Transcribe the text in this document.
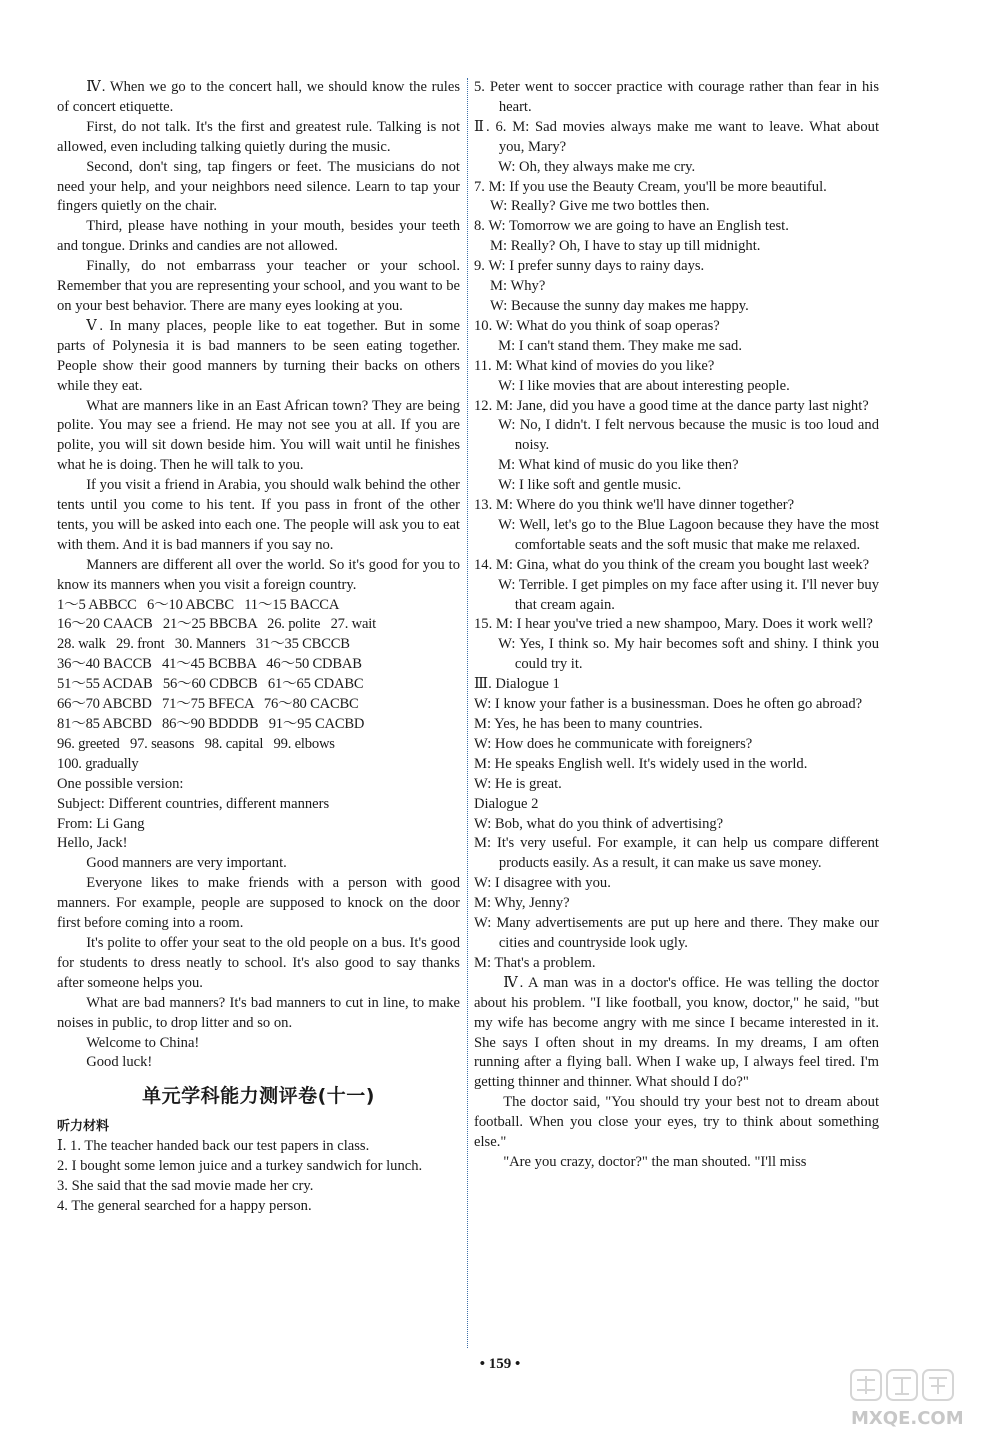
Ⅳ. When we go to the concert hall, we should know the rules of concert etiquette.
First, do not talk. It's the first and greatest rule. Talking is not allowed, even including talking quietly during the music.
Second, don't sing, tap fingers or feet. The musicians do not need your help, and your neighbors need silence. Learn to tap your fingers quietly on the chair.
Third, please have nothing in your mouth, besides your teeth and tongue. Drinks and candies are not allowed.
Finally, do not embarrass your teacher or your school. Remember that you are representing your school, and you want to be on your best behavior. There are many eyes looking at you.
Ⅴ. In many places, people like to eat together. But in some parts of Polynesia it is bad manners to be seen eating together. People show their good manners by turning their backs on others while they eat.
What are manners like in an East African town? They are being polite. You may see a friend. He may not see you at all. If you are polite, you will sit down beside him. You will wait until he finishes what he is doing. Then he will talk to you.
If you visit a friend in Arabia, you should walk behind the other tents until you come to his tent. If you pass in front of the other tents, you will be asked into each one. The people will ask you to eat with them. And it is bad manners if you say no.
Manners are different all over the world. So it's good for you to know its manners when you visit a foreign country.
1～5 ABBCC   6～10 ABCBC   11～15 BACCA
16～20 CAACB   21～25 BBCBA   26. polite   27. wait
28. walk   29. front   30. Manners   31～35 CBCCB
36～40 BACCB   41～45 BCBBA   46～50 CDBAB
51～55 ACDAB   56～60 CDBCB   61～65 CDABC
66～70 ABCBD   71～75 BFECA   76～80 CACBC
81～85 ABCBD   86～90 BDDDB   91～95 CACBD
96. greeted   97. seasons   98. capital   99. elbows
100. gradually
One possible version:
Subject: Different countries, different manners
From: Li Gang
Hello, Jack!
Good manners are very important.
Everyone likes to make friends with a person with good manners. For example, people are supposed to knock on the door first before coming into a room.
It's polite to offer your seat to the old people on a bus. It's good for students to dress neatly to school. It's also good to say thanks after someone helps you.
What are bad manners? It's bad manners to cut in line, to make noises in public, to drop litter and so on.
Welcome to China!
Good luck!
单元学科能力测评卷(十一)
听力材料
Ⅰ. 1. The teacher handed back our test papers in class.
2. I bought some lemon juice and a turkey sandwich for lunch.
3. She said that the sad movie made her cry.
4. The general searched for a happy person.
5. Peter went to soccer practice with courage rather than fear in his heart.
Ⅱ. 6. M: Sad movies always make me want to leave. What about you, Mary?
W: Oh, they always make me cry.
7. M: If you use the Beauty Cream, you'll be more beautiful.
W: Really? Give me two bottles then.
8. W: Tomorrow we are going to have an English test.
M: Really? Oh, I have to stay up till midnight.
9. W: I prefer sunny days to rainy days.
M: Why?
W: Because the sunny day makes me happy.
10. W: What do you think of soap operas?
M: I can't stand them. They make me sad.
11. M: What kind of movies do you like?
W: I like movies that are about interesting people.
12. M: Jane, did you have a good time at the dance party last night?
W: No, I didn't. I felt nervous because the music is too loud and noisy.
M: What kind of music do you like then?
W: I like soft and gentle music.
13. M: Where do you think we'll have dinner together?
W: Well, let's go to the Blue Lagoon because they have the most comfortable seats and the soft music that make me relaxed.
14. M: Gina, what do you think of the cream you bought last week?
W: Terrible. I get pimples on my face after using it. I'll never buy that cream again.
15. M: I hear you've tried a new shampoo, Mary. Does it work well?
W: Yes, I think so. My hair becomes soft and shiny. I think you could try it.
Ⅲ. Dialogue 1
W: I know your father is a businessman. Does he often go abroad?
M: Yes, he has been to many countries.
W: How does he communicate with foreigners?
M: He speaks English well. It's widely used in the world.
W: He is great.
Dialogue 2
W: Bob, what do you think of advertising?
M: It's very useful. For example, it can help us compare different products easily. As a result, it can make us save money.
W: I disagree with you.
M: Why, Jenny?
W: Many advertisements are put up here and there. They make our cities and countryside look ugly.
M: That's a problem.
Ⅳ. A man was in a doctor's office. He was telling the doctor about his problem. "I like football, you know, doctor," he said, "but my wife has become angry with me since I became interested in it. She says I often shout in my dreams. In my dreams, I am often running after a flying ball. When I wake up, I always feel tired. I'm getting thinner and thinner. What should I do?"
The doctor said, "You should try your best not to dream about football. When you close your eyes, try to think about something else."
"Are you crazy, doctor?" the man shouted. "I'll miss
• 159 •
MXQE.COM
